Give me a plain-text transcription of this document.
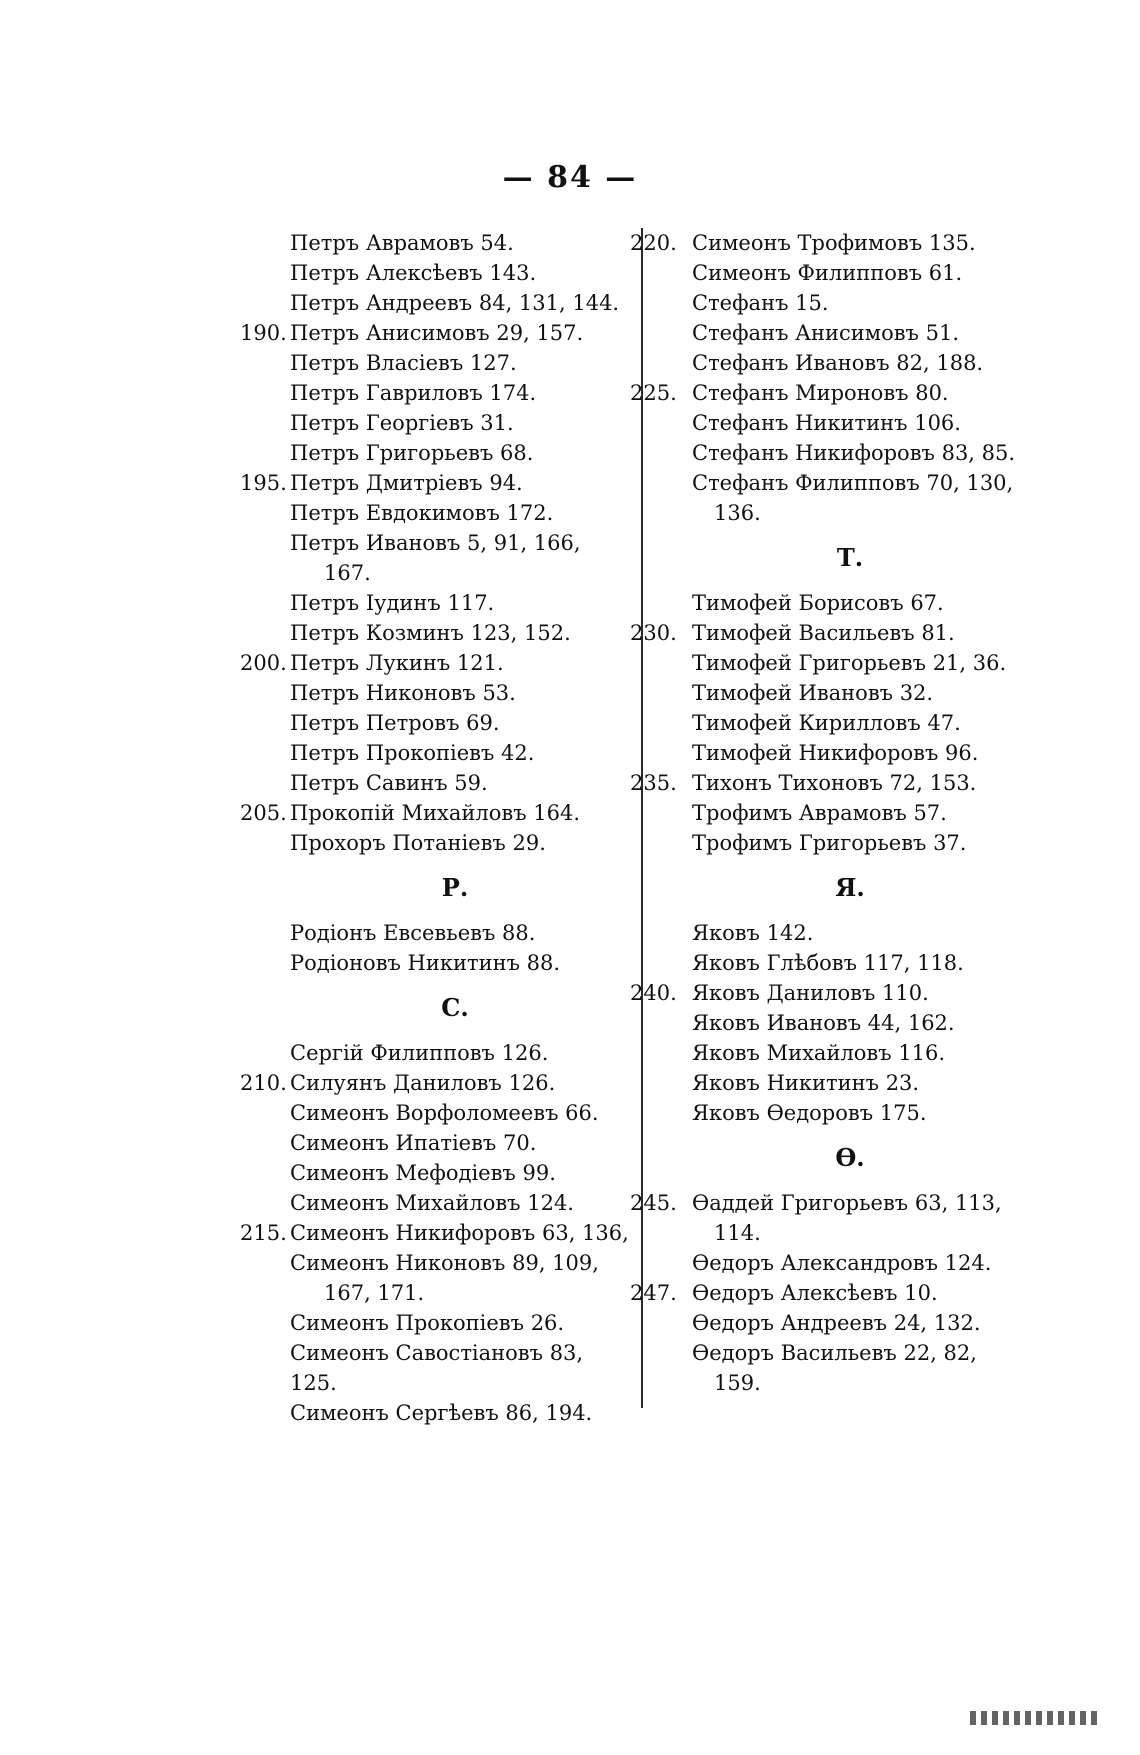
— 84 —
Петръ Аврамовъ 54.
Петръ Алексѣевъ 143.
Петръ Андреевъ 84, 131, 144.
190. Петръ Анисимовъ 29, 157.
Петръ Власіевъ 127.
Петръ Гавриловъ 174.
Петръ Георгіевъ 31.
Петръ Григорьевъ 68.
195. Петръ Дмитріевъ 94.
Петръ Евдокимовъ 172.
Петръ Ивановъ 5, 91, 166,
167.
Петръ Іудинъ 117.
Петръ Козминъ 123, 152.
200. Петръ Лукинъ 121.
Петръ Никоновъ 53.
Петръ Петровъ 69.
Петръ Прокопіевъ 42.
Петръ Савинъ 59.
205. Прокопій Михайловъ 164.
Прохоръ Потаніевъ 29.
Р.
Родіонъ Евсевьевъ 88.
Родіоновъ Никитинъ 88.
С.
Сергій Филипповъ 126.
210. Силуянъ Даниловъ 126.
Симеонъ Ворфоломеевъ 66.
Симеонъ Ипатіевъ 70.
Симеонъ Мефодіевъ 99.
Симеонъ Михайловъ 124.
215. Симеонъ Никифоровъ 63, 136,
Симеонъ Никоновъ 89, 109,
167, 171.
Симеонъ Прокопіевъ 26.
Симеонъ Савостіановъ 83, 125.
Симеонъ Сергѣевъ 86, 194.
220. Симеонъ Трофимовъ 135.
Симеонъ Филипповъ 61.
Стефанъ 15.
Стефанъ Анисимовъ 51.
Стефанъ Ивановъ 82, 188.
225. Стефанъ Мироновъ 80.
Стефанъ Никитинъ 106.
Стефанъ Никифоровъ 83, 85.
Стефанъ Филипповъ 70, 130,
136.
Т.
Тимофей Борисовъ 67.
230. Тимофей Васильевъ 81.
Тимофей Григорьевъ 21, 36.
Тимофей Ивановъ 32.
Тимофей Кирилловъ 47.
Тимофей Никифоровъ 96.
235. Тихонъ Тихоновъ 72, 153.
Трофимъ Аврамовъ 57.
Трофимъ Григорьевъ 37.
Я.
Яковъ 142.
Яковъ Глѣбовъ 117, 118.
240. Яковъ Даниловъ 110.
Яковъ Ивановъ 44, 162.
Яковъ Михайловъ 116.
Яковъ Никитинъ 23.
Яковъ Ѳедоровъ 175.
Ѳ.
245. Ѳаддей Григорьевъ 63, 113,
114.
Ѳедоръ Александровъ 124.
247. Ѳедоръ Алексѣевъ 10.
Ѳедоръ Андреевъ 24, 132.
Ѳедоръ Васильевъ 22, 82,
159.
